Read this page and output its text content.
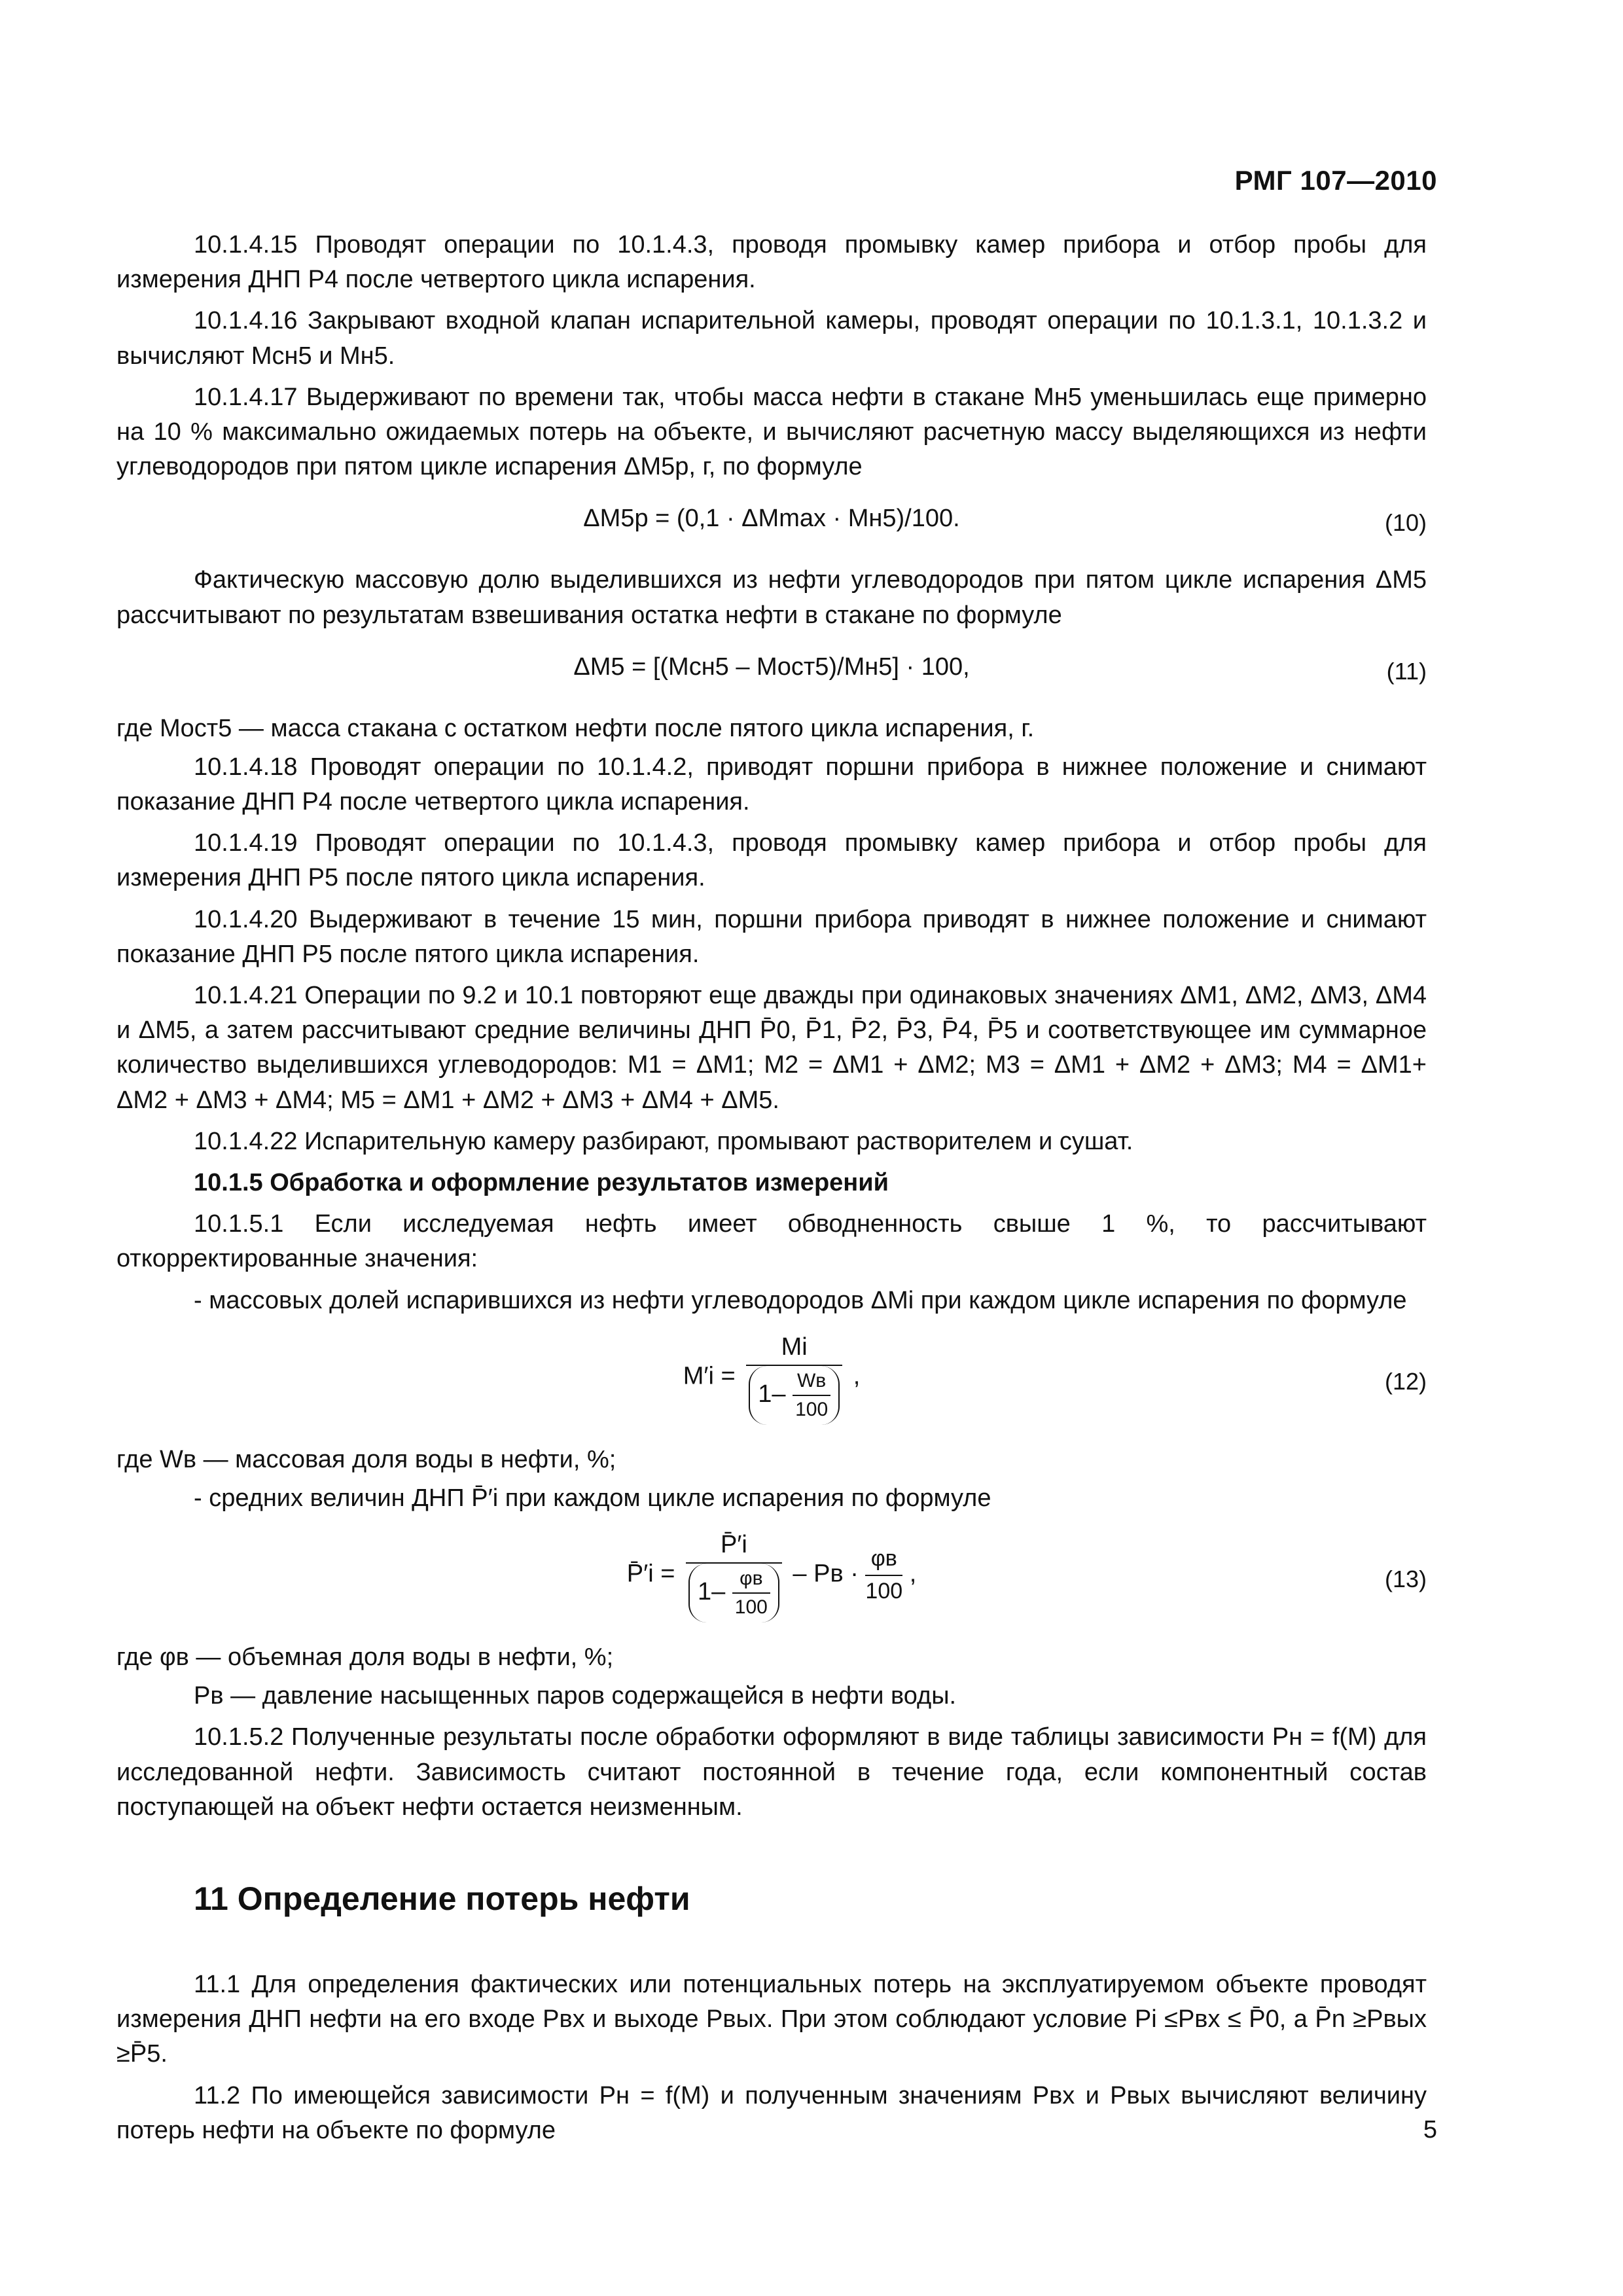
РМГ 107—2010

10.1.4.15 Проводят операции по 10.1.4.3, проводя промывку камер прибора и отбор пробы для измерения ДНП P4 после четвертого цикла испарения.

10.1.4.16 Закрывают входной клапан испарительной камеры, проводят операции по 10.1.3.1, 10.1.3.2 и вычисляют Mсн5 и Mн5.

10.1.4.17 Выдерживают по времени так, чтобы масса нефти в стакане Mн5 уменьшилась еще примерно на 10 % максимально ожидаемых потерь на объекте, и вычисляют расчетную массу выделяющихся из нефти углеводородов при пятом цикле испарения ΔM5р, г, по формуле

ΔM5р = (0,1 · ΔMmax · Mн5)/100.	(10)

Фактическую массовую долю выделившихся из нефти углеводородов при пятом цикле испарения ΔM5 рассчитывают по результатам взвешивания остатка нефти в стакане по формуле

ΔM5 = [(Mсн5 – Mост5)/Mн5] · 100,	(11)

где Mост5 — масса стакана с остатком нефти после пятого цикла испарения, г.

10.1.4.18 Проводят операции по 10.1.4.2, приводят поршни прибора в нижнее положение и снимают показание ДНП P4 после четвертого цикла испарения.

10.1.4.19 Проводят операции по 10.1.4.3, проводя промывку камер прибора и отбор пробы для измерения ДНП P5 после пятого цикла испарения.

10.1.4.20 Выдерживают в течение 15 мин, поршни прибора приводят в нижнее положение и снимают показание ДНП P5 после пятого цикла испарения.

10.1.4.21 Операции по 9.2 и 10.1 повторяют еще дважды при одинаковых значениях ΔM1, ΔM2, ΔM3, ΔM4 и ΔM5, а затем рассчитывают средние величины ДНП P̄0, P̄1, P̄2, P̄3, P̄4, P̄5 и соответствующее им суммарное количество выделившихся углеводородов: M1 = ΔM1; M2 = ΔM1 + ΔM2; M3 = ΔM1 + ΔM2 + ΔM3; M4 = ΔM1+ ΔM2 + ΔM3 + ΔM4; M5 = ΔM1 + ΔM2 + ΔM3 + ΔM4 + ΔM5.

10.1.4.22 Испарительную камеру разбирают, промывают растворителем и сушат.

10.1.5 Обработка и оформление результатов измерений

10.1.5.1 Если исследуемая нефть имеет обводненность свыше 1 %, то рассчитывают откорректированные значения:

- массовых долей испарившихся из нефти углеводородов ΔMi при каждом цикле испарения по формуле

$M'i = \frac{Mi}{1- \frac{Wв}{100}}$ ,	(12)

где Wв — массовая доля воды в нефти, %;

- средних величин ДНП P̄′i при каждом цикле испарения по формуле

P̄′i = $\frac{P̄'i}{1- \frac{\varphi в}{100}}$ – Pв · $\frac{\varphi в}{100}$ ,	(13)

где φв — объемная доля воды в нефти, %;

Pв — давление насыщенных паров содержащейся в нефти воды.

10.1.5.2 Полученные результаты после обработки оформляют в виде таблицы зависимости Pн = f(M) для исследованной нефти. Зависимость считают постоянной в течение года, если компонентный состав поступающей на объект нефти остается неизменным.

11 Определение потерь нефти

11.1 Для определения фактических или потенциальных потерь на эксплуатируемом объекте проводят измерения ДНП нефти на его входе Pвх и выходе Pвых. При этом соблюдают условие Pi ≤Pвх ≤ P̄0, а P̄n ≥Pвых ≥P̄5.

11.2 По имеющейся зависимости Pн = f(M) и полученным значениям Pвх и Pвых вычисляют величину потерь нефти на объекте по формуле	5
